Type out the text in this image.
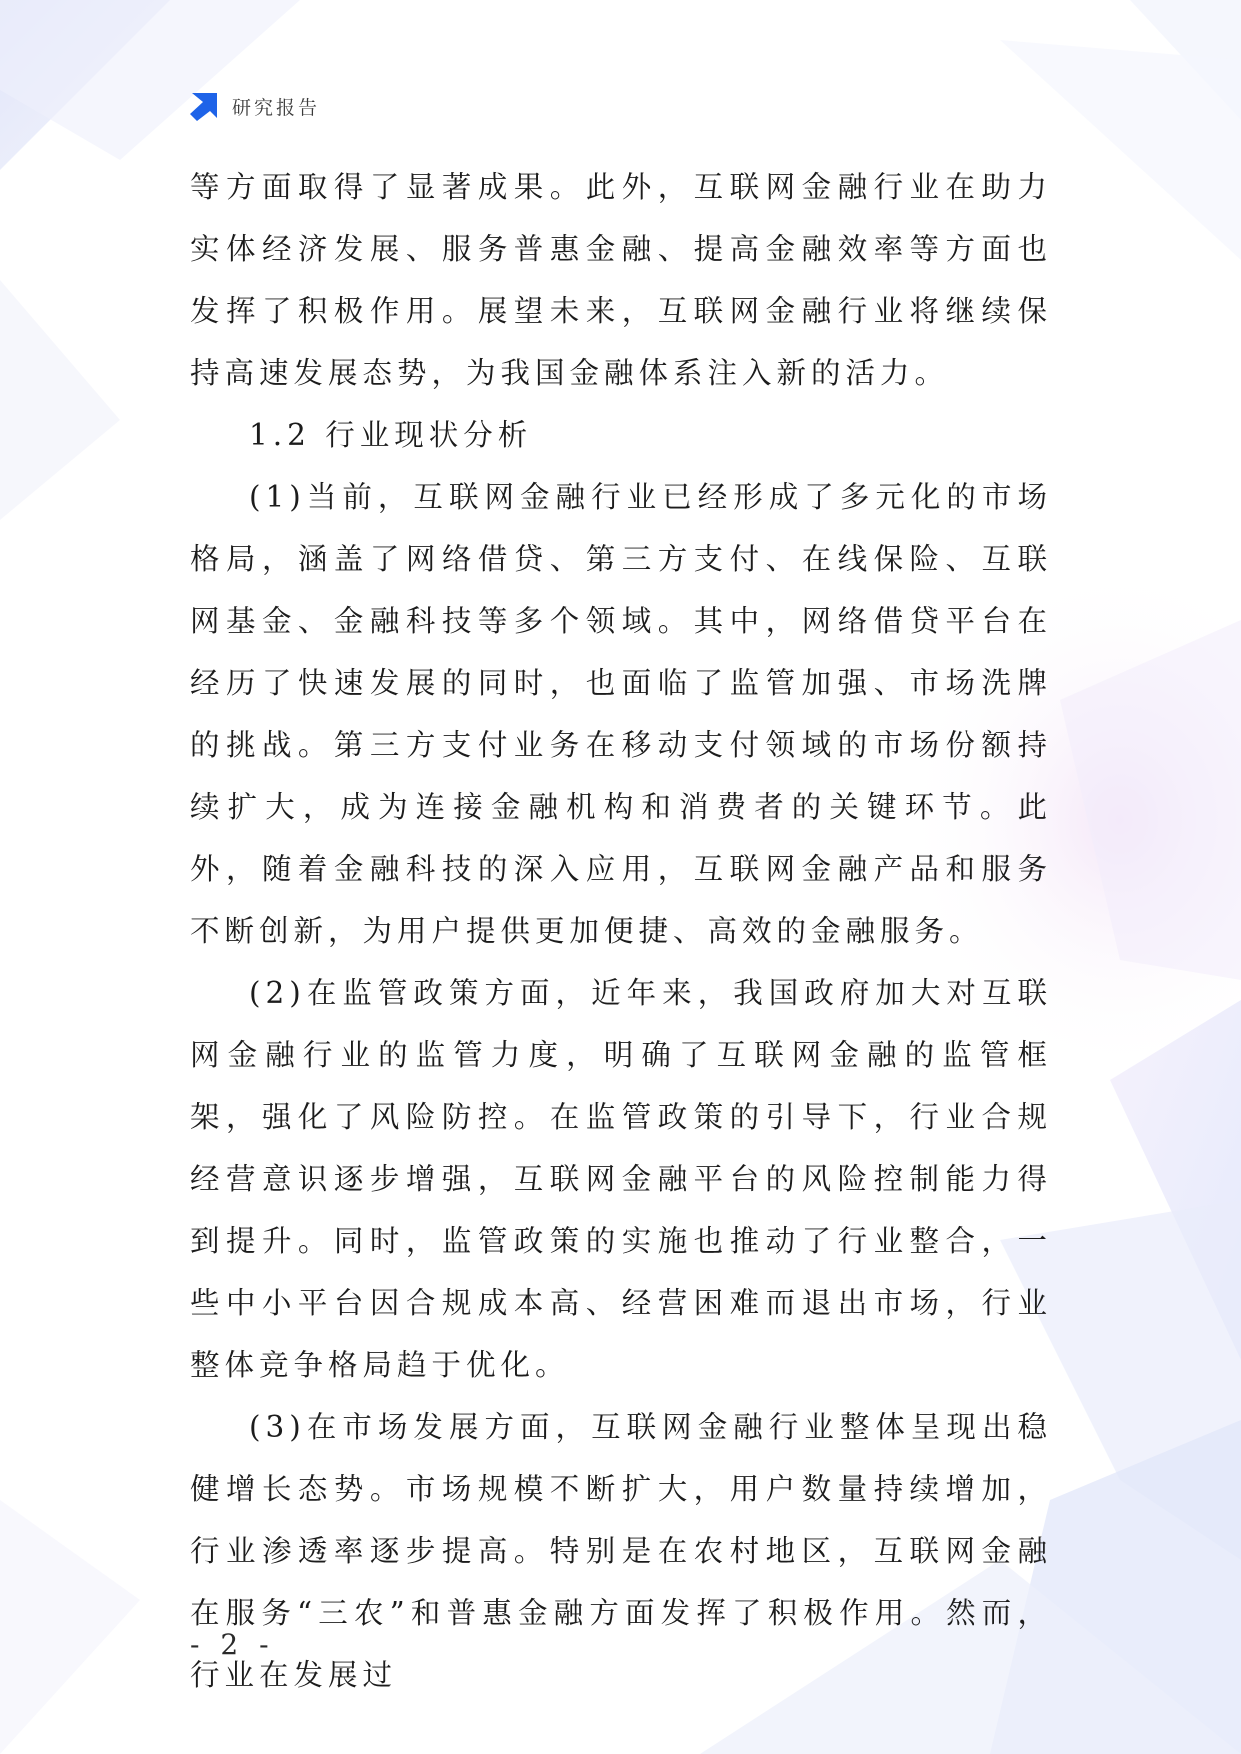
研究报告

等方面取得了显著成果。此外，互联网金融行业在助力实体经济发展、服务普惠金融、提高金融效率等方面也发挥了积极作用。展望未来，互联网金融行业将继续保持高速发展态势，为我国金融体系注入新的活力。

1.2 行业现状分析

(1)当前，互联网金融行业已经形成了多元化的市场格局，涵盖了网络借贷、第三方支付、在线保险、互联网基金、金融科技等多个领域。其中，网络借贷平台在经历了快速发展的同时，也面临了监管加强、市场洗牌的挑战。第三方支付业务在移动支付领域的市场份额持续扩大，成为连接金融机构和消费者的关键环节。此外，随着金融科技的深入应用，互联网金融产品和服务不断创新，为用户提供更加便捷、高效的金融服务。

(2)在监管政策方面，近年来，我国政府加大对互联网金融行业的监管力度，明确了互联网金融的监管框架，强化了风险防控。在监管政策的引导下，行业合规经营意识逐步增强，互联网金融平台的风险控制能力得到提升。同时，监管政策的实施也推动了行业整合，一些中小平台因合规成本高、经营困难而退出市场，行业整体竞争格局趋于优化。

(3)在市场发展方面，互联网金融行业整体呈现出稳健增长态势。市场规模不断扩大，用户数量持续增加，行业渗透率逐步提高。特别是在农村地区，互联网金融在服务“三农”和普惠金融方面发挥了积极作用。然而，行业在发展过

- 2 -
